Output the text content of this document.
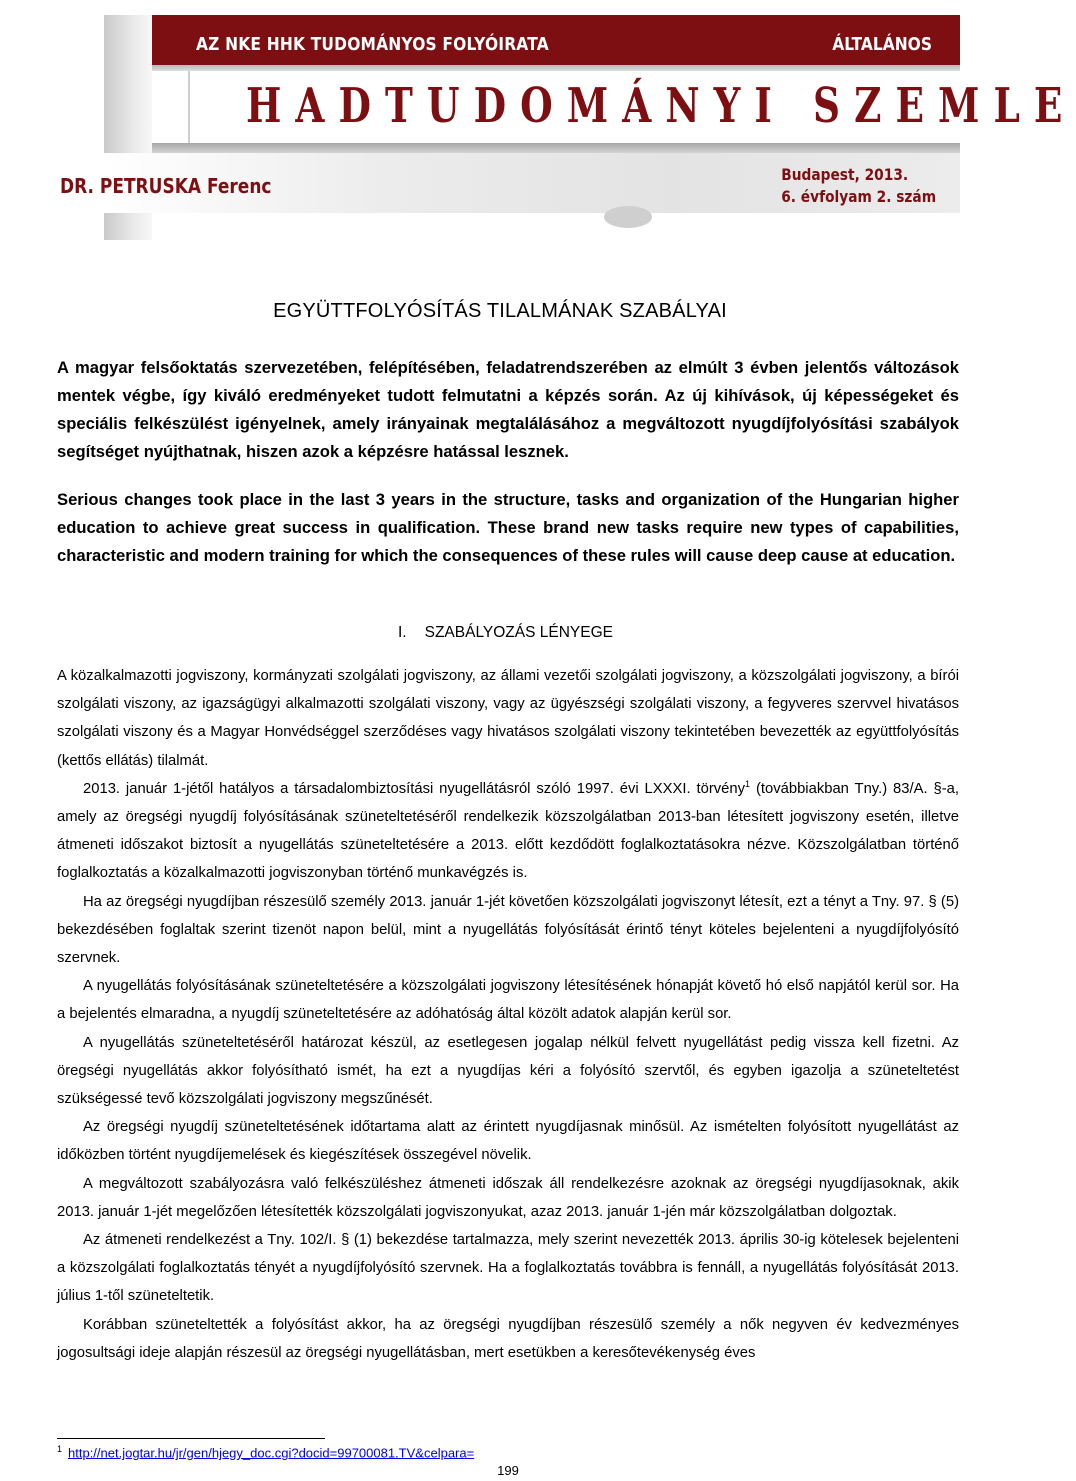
AZ NKE HHK TUDOMÁNYOS FOLYÓIRATA	ÁLTALÁNOS
HADTUDOMÁNYI SZEMLE
DR. PETRUSKA Ferenc	Budapest, 2013.
6. évfolyam 2. szám
EGYÜTTFOLYÓSÍTÁS TILALMÁNAK SZABÁLYAI

A magyar felsőoktatás szervezetében, felépítésében, feladatrendszerében az elmúlt 3 évben jelentős változások mentek végbe, így kiváló eredményeket tudott felmutatni a képzés során. Az új kihívások, új képességeket és speciális felkészülést igényelnek, amely irányainak megtalálásához a megváltozott nyugdíjfolyósítási szabályok segítséget nyújthatnak, hiszen azok a képzésre hatással lesznek.

Serious changes took place in the last 3 years in the structure, tasks and organization of the Hungarian higher education to achieve great success in qualification. These brand new tasks require new types of capabilities, characteristic and modern training for which the consequences of these rules will cause deep cause at education.

I. SZABÁLYOZÁS LÉNYEGE

A közalkalmazotti jogviszony, kormányzati szolgálati jogviszony, az állami vezetői szolgálati jogviszony, a közszolgálati jogviszony, a bírói szolgálati viszony, az igazságügyi alkalmazotti szolgálati viszony, vagy az ügyészségi szolgálati viszony, a fegyveres szervvel hivatásos szolgálati viszony és a Magyar Honvédséggel szerződéses vagy hivatásos szolgálati viszony tekintetében bevezették az együttfolyósítás (kettős ellátás) tilalmát.

2013. január 1-jétől hatályos a társadalombiztosítási nyugellátásról szóló 1997. évi LXXXI. törvény$^1$ (továbbiakban Tny.) 83/A. §-a, amely az öregségi nyugdíj folyósításának szüneteltetéséről rendelkezik közszolgálatban 2013-ban létesített jogviszony esetén, illetve átmeneti időszakot biztosít a nyugellátás szüneteltetésére a 2013. előtt kezdődött foglalkoztatásokra nézve. Közszolgálatban történő foglalkoztatás a közalkalmazotti jogviszonyban történő munkavégzés is.

Ha az öregségi nyugdíjban részesülő személy 2013. január 1-jét követően közszolgálati jogviszonyt létesít, ezt a tényt a Tny. 97. § (5) bekezdésében foglaltak szerint tizenöt napon belül, mint a nyugellátás folyósítását érintő tényt köteles bejelenteni a nyugdíjfolyósító szervnek.

A nyugellátás folyósításának szüneteltetésére a közszolgálati jogviszony létesítésének hónapját követő hó első napjától kerül sor. Ha a bejelentés elmaradna, a nyugdíj szüneteltetésére az adóhatóság által közölt adatok alapján kerül sor.

A nyugellátás szüneteltetéséről határozat készül, az esetlegesen jogalap nélkül felvett nyugellátást pedig vissza kell fizetni. Az öregségi nyugellátás akkor folyósítható ismét, ha ezt a nyugdíjas kéri a folyósító szervtől, és egyben igazolja a szüneteltetést szükségessé tevő közszolgálati jogviszony megszűnését.

Az öregségi nyugdíj szüneteltetésének időtartama alatt az érintett nyugdíjasnak minősül. Az ismételten folyósított nyugellátást az időközben történt nyugdíjemelések és kiegészítések összegével növelik.

A megváltozott szabályozásra való felkészüléshez átmeneti időszak áll rendelkezésre azoknak az öregségi nyugdíjasoknak, akik 2013. január 1-jét megelőzően létesítették közszolgálati jogviszonyukat, azaz 2013. január 1-jén már közszolgálatban dolgoztak.

Az átmeneti rendelkezést a Tny. 102/I. § (1) bekezdése tartalmazza, mely szerint nevezették 2013. április 30-ig kötelesek bejelenteni a közszolgálati foglalkoztatás tényét a nyugdíjfolyósító szervnek. Ha a foglalkoztatás továbbra is fennáll, a nyugellátás folyósítását 2013. július 1-től szüneteltetik.

Korábban szüneteltették a folyósítást akkor, ha az öregségi nyugdíjban részesülő személy a nők negyven év kedvezményes jogosultsági ideje alapján részesül az öregségi nyugellátásban, mert esetükben a keresőtevékenység éves

$^1$ http://net.jogtar.hu/jr/gen/hjegy_doc.cgi?docid=99700081.TV&celpara=
199
